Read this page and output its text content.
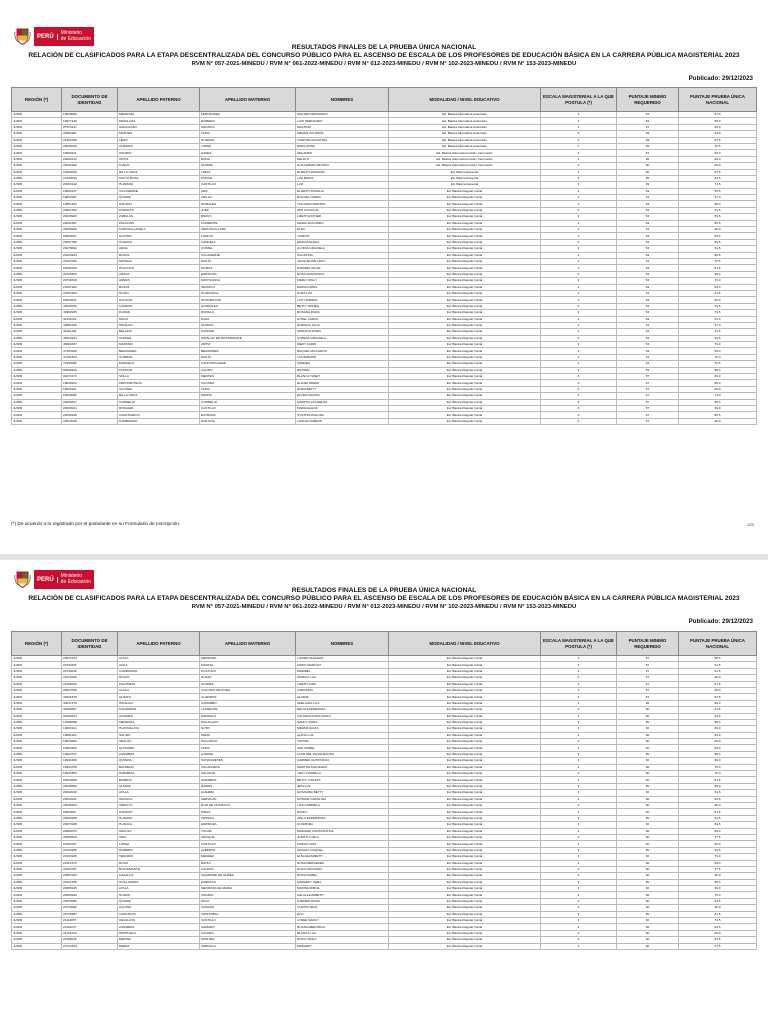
PERÚ
Ministerio
de Educación
RESULTADOS FINALES DE LA PRUEBA ÚNICA NACIONAL
RELACIÓN DE CLASIFICADOS PARA LA ETAPA DESCENTRALIZADA DEL CONCURSO PÚBLICO PARA EL ASCENSO DE ESCALA DE LOS PROFESORES DE EDUCACIÓN BÁSICA EN LA CARRERA PÚBLICA MAGISTERIAL 2023
RVM N° 057-2021-MINEDU / RVM N° 061-2022-MINEDU / RVM N° 012-2023-MINEDU / RVM N° 102-2023-MINEDU / RVM N° 153-2023-MINEDU
Publicado: 29/12/2023
REGIÓN (*)	DOCUMENTO DE IDENTIDAD	APELLIDO PATERNO	APELLIDO MATERNO	NOMBRES	MODALIDAD / NIVEL EDUCATIVO	ESCALA MAGISTERIAL A LA QUE POSTULA (*)	PUNTAJE MINIMO REQUERIDO	PUNTAJE PRUEBA ÚNICA NACIONAL
JUNIN	19930000	MENDOZA	FERNANDEZ	WALTER FERNANDO	Ed. Básica Alternativa Avanzado	2	54	57.0
JUNIN	19977220	PEÑALOZA	ROMERO	LUIS HERNANDO	Ed. Básica Alternativa Avanzado	2	54	55.0
JUNIN	07574137	GARCILAZO	MACHCO	MACHOR	Ed. Básica Alternativa Avanzado	3	57	60.0
JUNIN	20094181	MONTES	TAPIA	MIRIAM VICTORIA	Ed. Básica Alternativa Avanzado	5	69	63.0
JUNIN	21263108	LEON	HUAMAN	VICENTE AGUSTINA	Ed. Básica Alternativa Avanzado	6	69	67.5
JUNIN	20035033	GUEDIZA	LOPEZ	EPAG ROSA	Ed. Básica Alternativa Avanzado	7	69	70.5
JUNIN	19990411	OSORIO	GAVEZ	ORLANDO	Ed. Básica Alternativa Inicial / Intermedio	3	57	60.0
JUNIN	20094213	ORTIZ	BONA	PELAYO	Ed. Básica Alternativa Inicial / Intermedio	4	60	66.0
JUNIN	20042192	CUEVA	QUISPE	GUILLERMO ARTURO	Ed. Básica Alternativa Inicial / Intermedio	4	60	69.0
JUNIN	19990036	DE LA CRUZ	LIMAS	ELIZETH ROSARIO	Ed. Básica Especial	4	60	67.5
JUNIN	20440019	MAYTA ROSA	PONCE	LUZ MARIA	Ed. Básica Especial	3	60	64.5
JUNIN	20094142	HUAMANI	CASTILLO	LUZ	Ed. Básica Especial	4	69	73.5
JUNIN	19830137	VILLAVERDE	ARO	ELIZETH ROSALIA	Ed. Básica Regular Inicial	2	54	55.5
JUNIN	19837007	QUISPE	TRILLO	RAQUEL NOEMI	Ed. Básica Regular Inicial	2	54	57.0
JUNIN	19851333	SOLANO	MORALES	YOLANDA MARTHA	Ed. Básica Regular Inicial	2	54	58.0
JUNIN	20007340	POMACHI	JUEZ	IRIS CATALINA	Ed. Básica Regular Inicial	2	54	61.5
JUNIN	20015920	ZABALAS	BRAVO	LIZETH ESTHER	Ed. Básica Regular Inicial	2	54	55.5
JUNIN	20031697	PALACIOS	LAURENTE	MARIA SOCORRO	Ed. Básica Regular Inicial	2	54	55.5
JUNIN	20038939	CARHUALLANQUI	CERCHUALLANA	ELSA	Ed. Básica Regular Inicial	2	54	60.0
JUNIN	20053027	ALONSO	LIAMOO	YANETH	Ed. Básica Regular Inicial	2	54	55.5
JUNIN	20057786	HUARCA	CANDELA	ERAIDA ELENA	Ed. Básica Regular Inicial	2	54	55.5
JUNIN	20079092	ARCE	CONDE	GLORIA GRACIELA	Ed. Básica Regular Inicial	2	54	61.5
JUNIN	20103233	ROJAS	VILLAVERDE	AGUSTINA	Ed. Básica Regular Inicial	2	54	58.5
JUNIN	20107026	ORTEGA	MAYTA	JACQUELINE LENY	Ed. Básica Regular Inicial	2	54	70.5
JUNIN	20066109	HUATUCO	MUÑOZ	RAMIREL PILAR	Ed. Básica Regular Inicial	2	54	61.5
JUNIN	20726403	ARANA	ESPINOZA	ROSA FRANCISCA	Ed. Básica Regular Inicial	2	54	69.0
JUNIN	20716518	ARMAS	MAYHUASCA	FIERLY MILLY	Ed. Básica Regular Inicial	2	54	70.0
JUNIN	21097202	ROJAS	OROSCO	MARIA DORIS	Ed. Básica Regular Inicial	2	54	63.0
JUNIN	21097663	HUARI	HUARANGA	SUSA LUZ	Ed. Básica Regular Inicial	2	54	61.5
JUNIN	20260671	AGUILAR	SOTOMAYOR	LUCY WENDA	Ed. Básica Regular Inicial	2	54	60.0
JUNIN	40048756	CAMPOS	GONZALES	BETTY NOHELI	Ed. Básica Regular Inicial	2	54	64.5
JUNIN	40962935	DURAN	BONILLA	ROSANA DORA	Ed. Básica Regular Inicial	2	54	79.5
JUNIN	41311124	MACO	PAGA	ETHEL CAROL	Ed. Básica Regular Inicial	2	54	61.0
JUNIN	42891336	HIDALGO	QUISPIA	DORILDA JULIA	Ed. Básica Regular Inicial	2	54	57.0
JUNIN	44201331	BELLIDO	CAÑOZE	ADRIANA SONIA	Ed. Básica Regular Inicial	2	54	61.5
JUNIN	46619434	CHAVEZ	HIDALGO DE BUSTAMANTE	SYRENA GRACIELA	Ed. Básica Regular Inicial	2	54	64.5
JUNIN	46683337	MANTARI	ORTIZ	MERY KARIN	Ed. Básica Regular Inicial	2	54	70.0
JUNIN	47193109	BENAVIDES	BENAVIDES	RAQUEL MILAGROS	Ed. Básica Regular Inicial	2	54	69.0
JUNIN	47331524	GUZMAN	MAYTA	YULIMAR/PR	Ed. Básica Regular Inicial	2	54	70.0
JUNIN	71903005	MARCELO	CANCHIHUAMAN	ANDREA	Ed. Básica Regular Inicial	2	54	70.5
JUNIN	80549126	PACHOO	CALIDO	ESTHER	Ed. Básica Regular Inicial	2	54	66.0
JUNIN	04074173	SOLLA	MENTES	BLANCA YANET	Ed. Básica Regular Inicial	3	57	60.0
JUNIN	19845252	PECHORTINOS	VILCHEZ	ELIANA NOEMI	Ed. Básica Regular Inicial	3	57	66.0
JUNIN	19906111	VILCHEZ	TAPIA	DORA BETTY	Ed. Básica Regular Inicial	3	57	69.0
JUNIN	19916095	DE LA CRUZ	PECHO	ELVIRA MAURA	Ed. Básica Regular Inicial	3	57	73.0
JUNIN	20006617	CORNELIO	CORNELIO	MARTHA LAS BELINI	Ed. Básica Regular Inicial	3	57	60.0
JUNIN	20033024	ROSALES	CASTILLO	MARIA ELENA	Ed. Básica Regular Inicial	3	57	66.0
JUNIN	20035248	CANCHARIOS	ESTRADA	SYNTHIA PAULINA	Ed. Básica Regular Inicial	3	57	58.5
JUNIN	20074048	CAMBORRO	PANTOJA	LIDIA ELIZABETH	Ed. Básica Regular Inicial	3	57	60.0
(*) De acuerdo a lo registrado por el postulante en su Formulario de Inscripción.	1/25
PERÚ
Ministerio
de Educación
RESULTADOS FINALES DE LA PRUEBA ÚNICA NACIONAL
RELACIÓN DE CLASIFICADOS PARA LA ETAPA DESCENTRALIZADA DEL CONCURSO PÚBLICO PARA EL ASCENSO DE ESCALA DE LOS PROFESORES DE EDUCACIÓN BÁSICA EN LA CARRERA PÚBLICA MAGISTERIAL 2023
RVM N° 057-2021-MINEDU / RVM N° 061-2022-MINEDU / RVM N° 012-2023-MINEDU / RVM N° 102-2023-MINEDU / RVM N° 153-2023-MINEDU
Publicado: 29/12/2023
REGIÓN (*)	DOCUMENTO DE IDENTIDAD	APELLIDO PATERNO	APELLIDO MATERNO	NOMBRES	MODALIDAD / NIVEL EDUCATIVO	ESCALA MAGISTERIAL A LA QUE POSTULA (*)	PUNTAJE MINIMO REQUERIDO	PUNTAJE PRUEBA ÚNICA NACIONAL
JUNIN	20071574	AYALA	MENDOZA	LUCRECIA ELENA	Ed. Básica Regular Inicial	3	57	58.5
JUNIN	20734331	AVILA	MANTEL	CINDY MARGOT	Ed. Básica Regular Inicial	3	57	61.5
JUNIN	20736039	CAMBORRO	HUATUCO	MARIBEL	Ed. Básica Regular Inicial	3	57	61.5
JUNIN	21078196	ROJAS	HUAZA	MONICA LUZ	Ed. Básica Regular Inicial	3	57	60.0
JUNIN	21133090	PALOMINO	SUAREZ	LIZETH GINA	Ed. Básica Regular Inicial	3	57	61.5
JUNIN	20017095	ALACA	COLONIO DE POMA	CAROLINA	Ed. Básica Regular Inicial	3	57	66.0
JUNIN	42931575	QUINTO	CUADROS	GLORIA	Ed. Básica Regular Inicial	3	57	64.5
JUNIN	30047479	HIDALGO	CAMARBO	ADELAIDA LYLL	Ed. Básica Regular Inicial	4	60	60.0
JUNIN	30066507	CALDERON	LAURENTE	DELIA ESPERANZA	Ed. Básica Regular Inicial	4	60	61.5
JUNIN	09469514	ALVARES	MANSILLA	VICTORIA FORTUNATA	Ed. Básica Regular Inicial	4	60	64.5
JUNIN	10486098	MENDOZA	MALAGACO	NANCY DORA	Ed. Básica Regular Inicial	4	60	69.0
JUNIN	19833114	HUAYNALAYA	SOTO	MIRIAM SILVIA	Ed. Básica Regular Inicial	4	60	66.0
JUNIN	19861116	SALINO	PEMA	ALICIA LUZ	Ed. Básica Regular Inicial	4	60	63.0
JUNIN	19879360	ARAUJO	PALLARCO	VICTOR	Ed. Básica Regular Inicial	4	60	69.0
JUNIN	19903320	QUISARDI	TAPIA	ANA ISABEL	Ed. Básica Regular Inicial	4	60	69.0
JUNIN	19914727	ZANABRIA	CAMARI	FLOR DEL PILAR MAGNA	Ed. Básica Regular Inicial	4	60	69.0
JUNIN	19931636	QUISPIA	SCHANIVETES	CARMEN GUSTAQUIA	Ed. Básica Regular Inicial	4	60	66.0
JUNIN	19933726	BALDEON	VILLANUEVA	MARTHA ANA MARIA	Ed. Básica Regular Inicial	4	60	70.0
JUNIN	19947853	ZANABRIA	SALAZAR	YESY FIORELLA	Ed. Básica Regular Inicial	4	60	70.0
JUNIN	20034836	BARBOA	ZANABRIA	BETTY VIOLETA	Ed. Básica Regular Inicial	4	60	61.5
JUNIN	20039592	QUISPE	RAMOS	JENI LUZ	Ed. Básica Regular Inicial	4	60	66.0
JUNIN	20042019	AYALA	GUERRA	GIOVANNA BETTY	Ed. Básica Regular Inicial	4	60	61.5
JUNIN	20043231	OROSCA	CERVILAN	MYRIAM CAROLINA	Ed. Básica Regular Inicial	4	60	64.5
JUNIN	20048164	ARROYO	RUIZ DE HUANUCO	LISA GABRIELA	Ed. Básica Regular Inicial	4	60	66.0
JUNIN	20063007	CANSITO	PIÑAS	NANCY	Ed. Básica Regular Inicial	4	60	61.5
JUNIN	20069188	HUAMAN	ORTEGA	ZOILA ESPERANZA	Ed. Básica Regular Inicial	4	60	61.5
JUNIN	20073108	HUANCA	ESPINOZA	CLORINDA	Ed. Básica Regular Inicial	4	60	64.5
JUNIN	20082073	ARAUJO	TOCAR	MARIANA CONSTANTINA	Ed. Básica Regular Inicial	4	60	66.0
JUNIN	20095543	ARIA	CROQUE	JUDITH LUDLA	Ed. Básica Regular Inicial	4	60	67.5
JUNIN	20100787	LOPEZ	CASTILLO	MARIA LUISA	Ed. Básica Regular Inicial	4	60	60.0
JUNIN	20103936	ROMERO	ALBERTO	MAGALY RAQUEL	Ed. Básica Regular Inicial	4	60	64.5
JUNIN	20103225	TENORIO	MENDEZ	ELSA ELIZABETH	Ed. Básica Regular Inicial	4	60	70.0
JUNIN	20113176	ROSO	ÑAHUI	ROSA MERCEDES	Ed. Básica Regular Inicial	4	60	69.0
JUNIN	20437097	BUSTAMANTE	CALDAS	NOCA NOCONSA	Ed. Básica Regular Inicial	4	60	67.5
JUNIN	20597003	CASALLO	VALVERDE DE NUÑEZ	ROSA ISABEL	Ed. Básica Regular Inicial	4	60	66.0
JUNIN	20107786	HUILLANDRA	ZARRAGA	MARLENY TEMA	Ed. Básica Regular Inicial	4	60	66.0
JUNIN	20095125	AYALA	MENDOZA DE MARIA	MARISA MIRNA	Ed. Básica Regular Inicial	4	60	69.0
JUNIN	20693442	HUARO	OSORIO	CELIA ELIZABETH	Ed. Básica Regular Inicial	4	60	70.0
JUNIN	20676085	QUISPE	SILVA	CARMEN ROSA	Ed. Básica Regular Inicial	4	60	64.5
JUNIN	20716009	AQUINO	VASAIZO	CURTIS NIDIA	Ed. Básica Regular Inicial	4	60	66.0
JUNIN	20746987	CANCHAYA	CRISTOBAL	ELVI	Ed. Básica Regular Inicial	4	60	61.5
JUNIN	21113057	CEVALLOS	CASTILLO	AYDEE NANCY	Ed. Básica Regular Inicial	4	60	73.5
JUNIN	21116237	ZANABRIA	GAMARO	ROSSA MERONICA	Ed. Básica Regular Inicial	4	60	64.5
JUNIN	21134332	OROHUELA	GALDEO	BLANCA LUZ	Ed. Básica Regular Inicial	4	60	69.0
JUNIN	21138046	MEDINA	MONTES	ROSA CIRILA	Ed. Básica Regular Inicial	4	60	64.5
JUNIN	23744194	PEREZ	ZORRILLA	MARLENY	Ed. Básica Regular Inicial	4	60	67.5
